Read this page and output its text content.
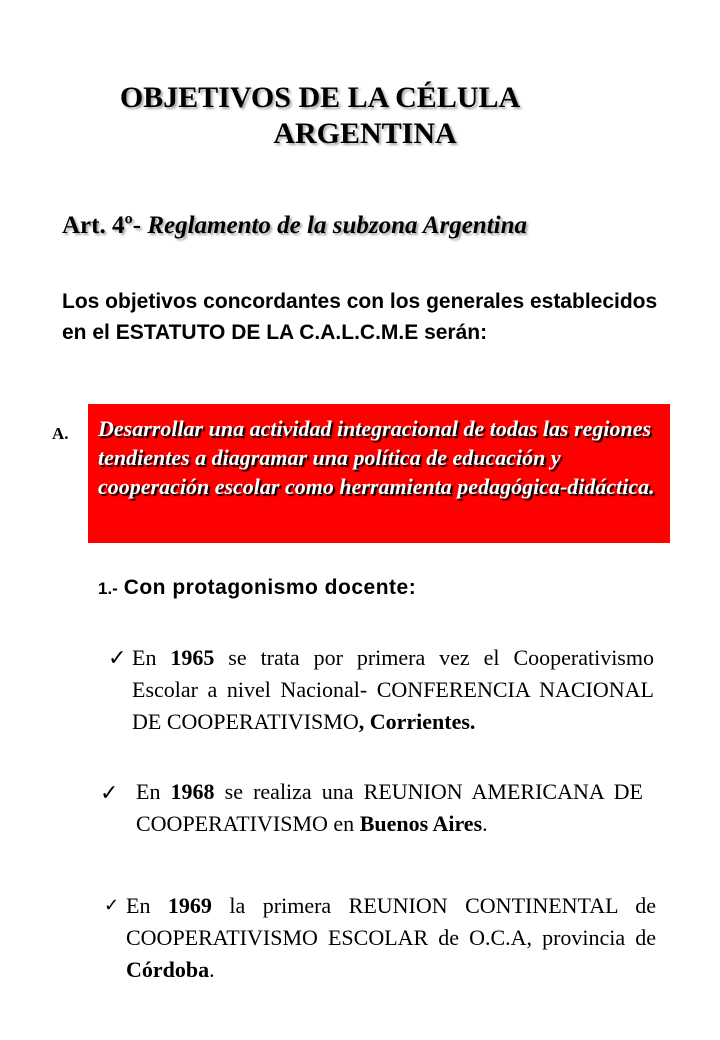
OBJETIVOS DE LA CÉLULA
ARGENTINA
Art. 4º- Reglamento de la subzona Argentina
Los objetivos concordantes con los generales establecidos en el ESTATUTO DE LA C.A.L.C.M.E serán:
A. Desarrollar una actividad integracional de todas las regiones tendientes a diagramar una política de educación y cooperación escolar como herramienta pedagógica-didáctica.
1.- Con protagonismo docente:
✓ En 1965 se trata por primera vez el Cooperativismo Escolar a nivel Nacional- CONFERENCIA NACIONAL DE COOPERATIVISMO, Corrientes.
✓ En 1968 se realiza una REUNION AMERICANA DE COOPERATIVISMO en Buenos Aires.
✓ En 1969 la primera REUNION CONTINENTAL de COOPERATIVISMO ESCOLAR de O.C.A, provincia de Córdoba.
